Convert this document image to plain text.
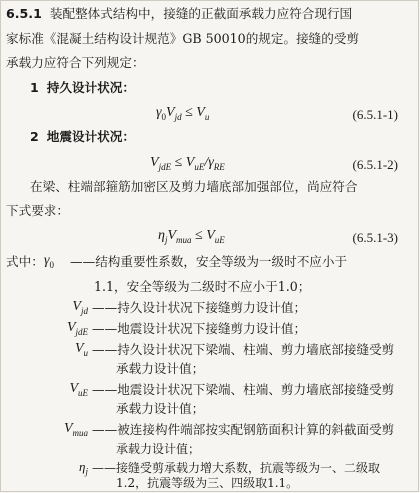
6.5.1 装配整体式结构中，接缝的正截面承载力应符合现行国
家标准《混凝土结构设计规范》GB 50010的规定。接缝的受剪
承载力应符合下列规定：
1 持久设计状况：
$\gamma_0V_{jd} \le V_u$	(6.5.1-1)
2 地震设计状况：
$V_{jdE} \le V_{uE}/\gamma_{RE}$	(6.5.1-2)
在梁、柱端部箍筋加密区及剪力墙底部加强部位，尚应符合
下式要求：
$\eta_jV_{mua} \le V_{uE}$	(6.5.1-3)
式中： $\gamma_0$	——结构重要性系数，安全等级为一级时不应小于
1.1，安全等级为二级时不应小于1.0；
$V_{jd}$ ——持久设计状况下接缝剪力设计值；
$V_{jdE}$ ——地震设计状况下接缝剪力设计值；
$V_u$ ——持久设计状况下梁端、柱端、剪力墙底部接缝受剪
承载力设计值；
$V_{uE}$ ——地震设计状况下梁端、柱端、剪力墙底部接缝受剪
承载力设计值；
$V_{mua}$ ——被连接构件端部按实配钢筋面积计算的斜截面受剪
承载力设计值；
$\eta_j$ ——接缝受剪承载力增大系数，抗震等级为一、二级取
1.2，抗震等级为三、四级取1.1。
